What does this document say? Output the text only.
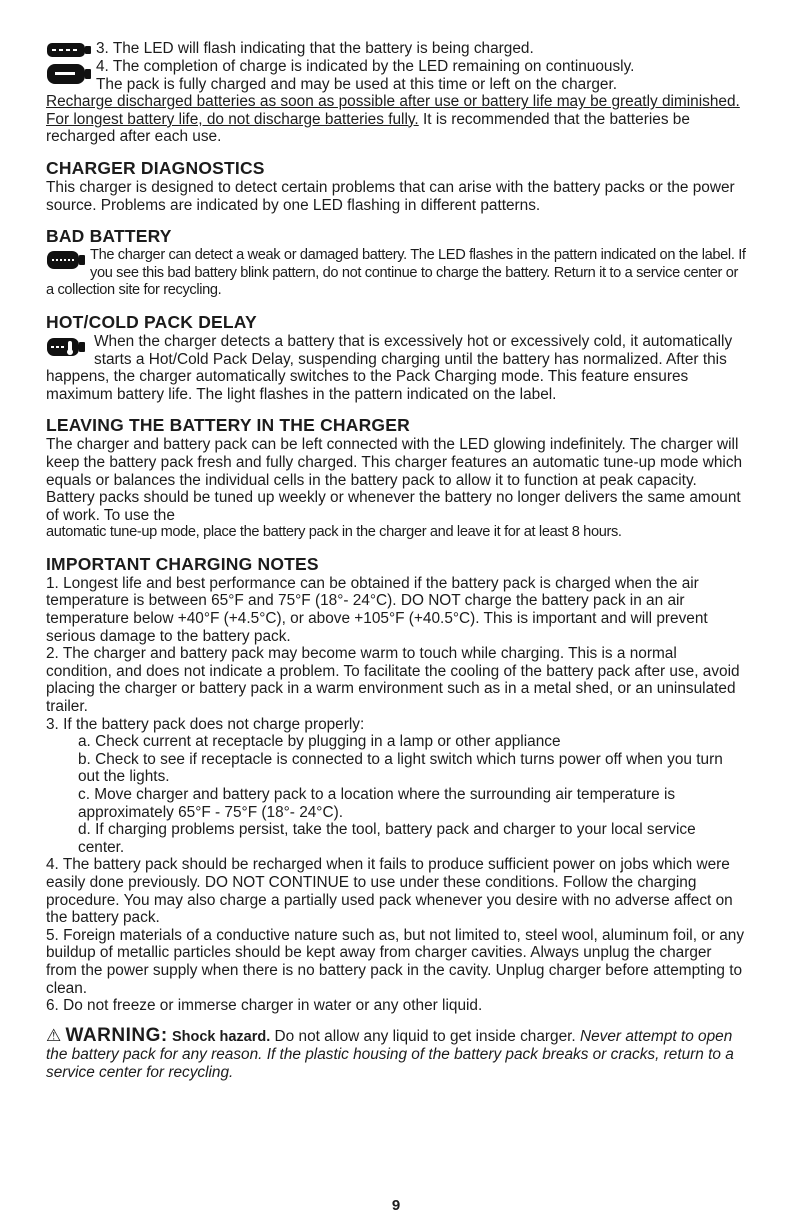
3. The LED will flash indicating that the battery is being charged.

4. The completion of charge is indicated by the LED remaining on continuously.

The pack is fully charged and may be used at this time or left on the charger.

Recharge discharged batteries as soon as possible after use or battery life may be greatly diminished. For longest battery life, do not discharge batteries fully. It is recommended that the batteries be recharged after each use.

CHARGER DIAGNOSTICS

This charger is designed to detect certain problems that can arise with the battery packs or the power source. Problems are indicated by one LED flashing in different patterns.

BAD BATTERY

The charger can detect a weak or damaged battery. The LED flashes in the pattern indicated on the label. If you see this bad battery blink pattern, do not continue to charge the battery. Return it to a service center or a collection site for recycling.

HOT/COLD PACK DELAY

When the charger detects a battery that is excessively hot or excessively cold, it automatically starts a Hot/Cold Pack Delay, suspending charging until the battery has normalized. After this happens, the charger automatically switches to the Pack Charging mode. This feature ensures maximum battery life. The light flashes in the pattern indicated on the label.

LEAVING THE BATTERY IN THE CHARGER

The charger and battery pack can be left connected with the LED glowing indefinitely. The charger will keep the battery pack fresh and fully charged. This charger features an automatic tune-up mode which equals or balances the individual cells in the battery pack to allow it to function at peak capacity. Battery packs should be tuned up weekly or whenever the battery no longer delivers the same amount of work. To use the

automatic tune-up mode, place the battery pack in the charger and leave it for at least 8 hours.

IMPORTANT CHARGING NOTES

1. Longest life and best performance can be obtained if the battery pack is charged when the air temperature is between 65°F and 75°F (18°- 24°C). DO NOT charge the battery pack in an air temperature below +40°F (+4.5°C), or above +105°F (+40.5°C). This is important and will prevent serious damage to the battery pack.

2. The charger and battery pack may become warm to touch while charging. This is a normal condition, and does not indicate a problem. To facilitate the cooling of the battery pack after use, avoid placing the charger or battery pack in a warm environment such as in a metal shed, or an uninsulated trailer.

3. If the battery pack does not charge properly:

a. Check current at receptacle by plugging in a lamp or other appliance

b. Check to see if receptacle is connected to a light switch which turns power off when you turn out the lights.

c. Move charger and battery pack to a location where the surrounding air temperature is approximately 65°F - 75°F (18°- 24°C).

d. If charging problems persist, take the tool, battery pack and charger to your local service center.

4. The battery pack should be recharged when it fails to produce sufficient power on jobs which were easily done previously. DO NOT CONTINUE to use under these conditions. Follow the charging procedure. You may also charge a partially used pack whenever you desire with no adverse affect on the battery pack.

5. Foreign materials of a conductive nature such as, but not limited to, steel wool, aluminum foil, or any buildup of metallic particles should be kept away from charger cavities. Always unplug the charger from the power supply when there is no battery pack in the cavity. Unplug charger before attempting to clean.

6. Do not freeze or immerse charger in water or any other liquid.

⚠ WARNING: Shock hazard. Do not allow any liquid to get inside charger. Never attempt to open the battery pack for any reason. If the plastic housing of the battery pack breaks or cracks, return to a service center for recycling.

9
